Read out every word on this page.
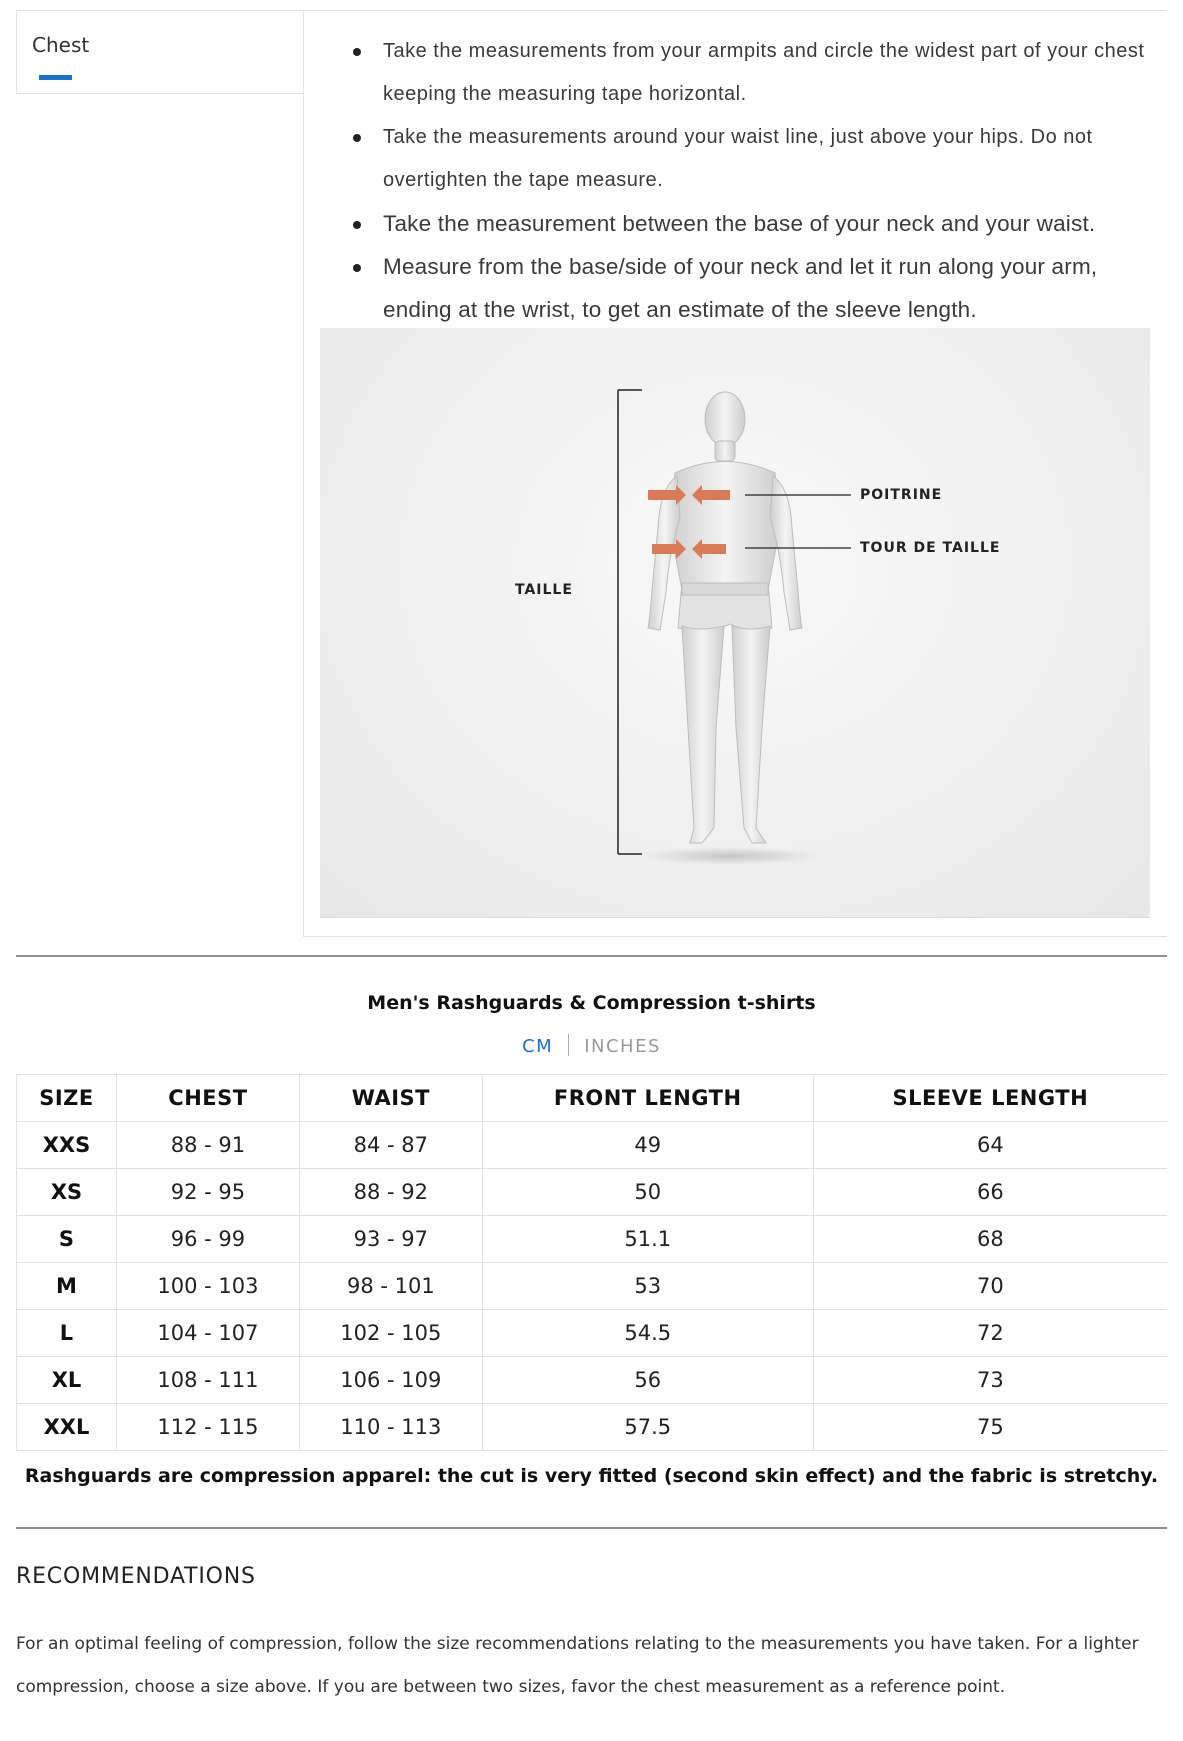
Chest	Take the measurements from your armpits and circle the widest part of your chest keeping the measuring tape horizontal.
Take the measurements around your waist line, just above your hips. Do not overtighten the tape measure.
Take the measurement between the base of your neck and your waist.
Measure from the base/side of your neck and let it run along your arm, ending at the wrist, to get an estimate of the sleeve length.
TAILLE
POITRINE
TOUR DE TAILLE
Men's Rashguards & Compression t-shirts
CM INCHES
SIZE	CHEST	WAIST	FRONT LENGTH	SLEEVE LENGTH
XXS	88 - 91	84 - 87	49	64
XS	92 - 95	88 - 92	50	66
S	96 - 99	93 - 97	51.1	68
M	100 - 103	98 - 101	53	70
L	104 - 107	102 - 105	54.5	72
XL	108 - 111	106 - 109	56	73
XXL	112 - 115	110 - 113	57.5	75
Rashguards are compression apparel: the cut is very fitted (second skin effect) and the fabric is stretchy.
RECOMMENDATIONS
For an optimal feeling of compression, follow the size recommendations relating to the measurements you have taken. For a lighter compression, choose a size above. If you are between two sizes, favor the chest measurement as a reference point.
